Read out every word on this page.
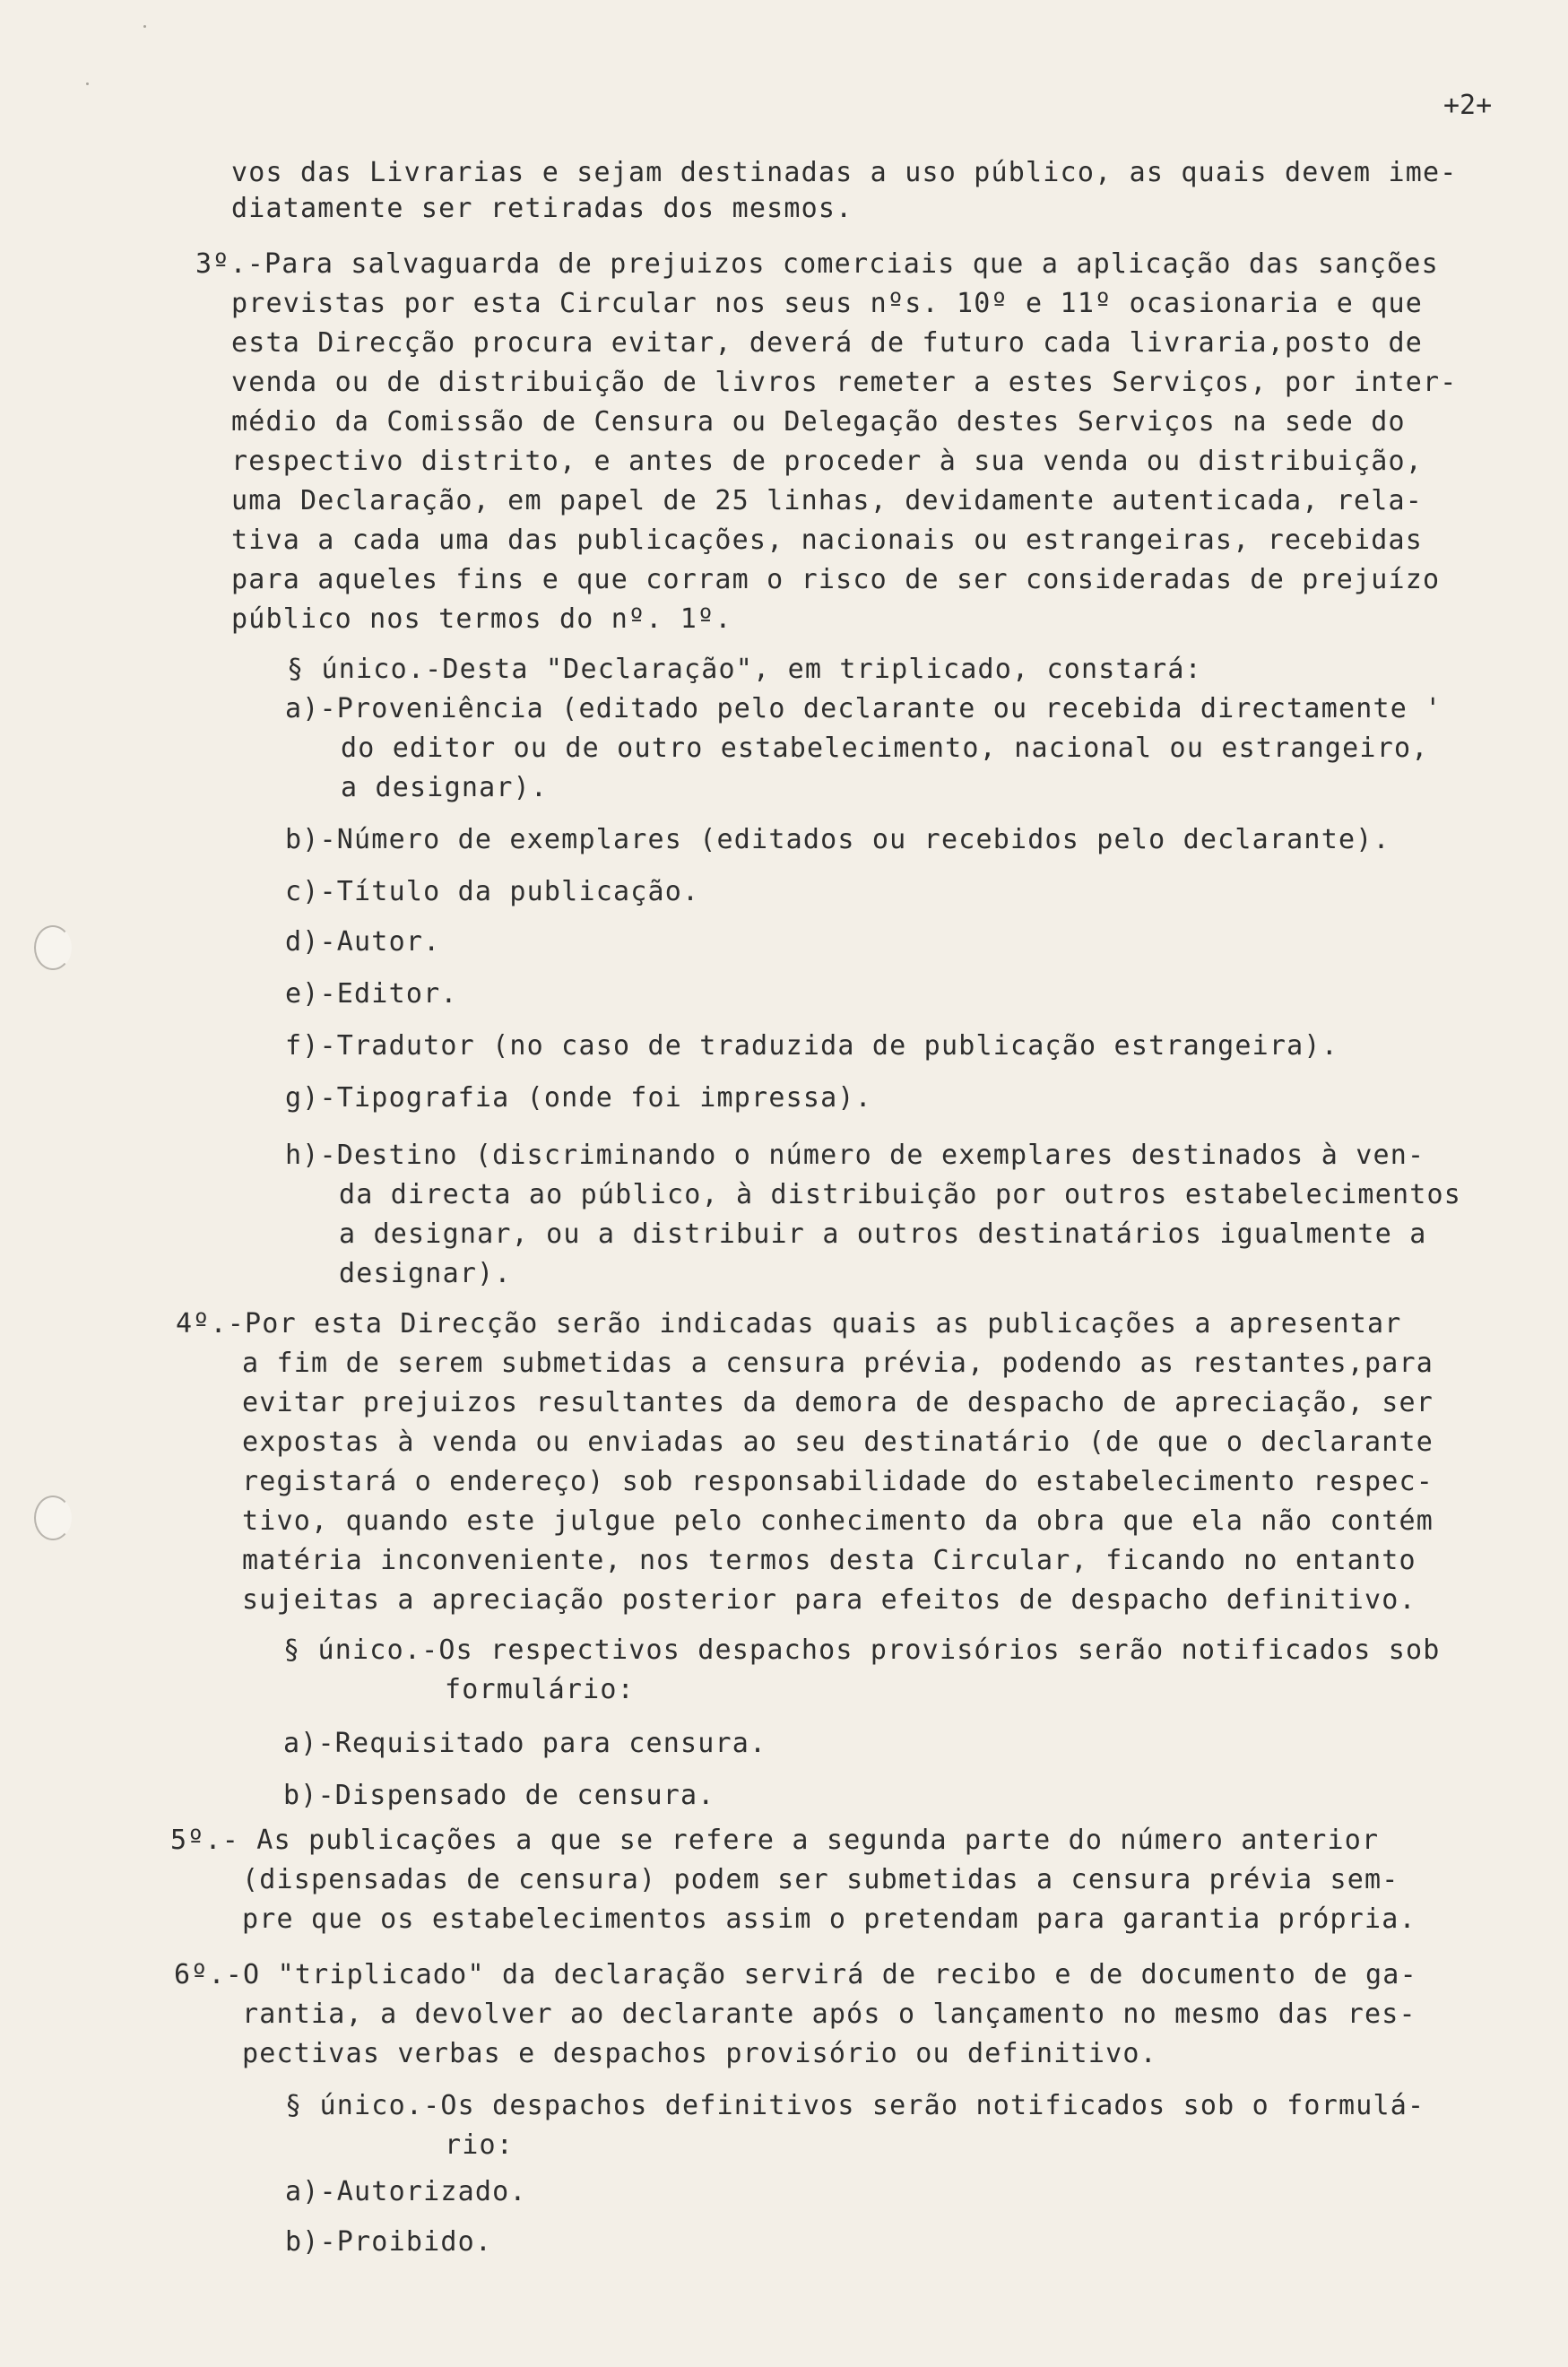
+2+
vos das Livrarias e sejam destinadas a uso público, as quais devem ime-
diatamente ser retiradas dos mesmos.
3º.-Para salvaguarda de prejuizos comerciais que a aplicação das sanções
previstas por esta Circular nos seus nºs. 10º e 11º ocasionaria e que
esta Direcção procura evitar, deverá de futuro cada livraria,posto de
venda ou de distribuição de livros remeter a estes Serviços, por inter-
médio da Comissão de Censura ou Delegação destes Serviços na sede do
respectivo distrito, e antes de proceder à sua venda ou distribuição,
uma Declaração, em papel de 25 linhas, devidamente autenticada, rela-
tiva a cada uma das publicações, nacionais ou estrangeiras, recebidas
para aqueles fins e que corram o risco de ser consideradas de prejuízo
público nos termos do nº. 1º.
§ único.-Desta "Declaração", em triplicado, constará:
a)-Proveniência (editado pelo declarante ou recebida directamente '
do editor ou de outro estabelecimento, nacional ou estrangeiro,
a designar).
b)-Número de exemplares (editados ou recebidos pelo declarante).
c)-Título da publicação.
d)-Autor.
e)-Editor.
f)-Tradutor (no caso de traduzida de publicação estrangeira).
g)-Tipografia (onde foi impressa).
h)-Destino (discriminando o número de exemplares destinados à ven-
da directa ao público, à distribuição por outros estabelecimentos
a designar, ou a distribuir a outros destinatários igualmente a
designar).
4º.-Por esta Direcção serão indicadas quais as publicações a apresentar
a fim de serem submetidas a censura prévia, podendo as restantes,para
evitar prejuizos resultantes da demora de despacho de apreciação, ser
expostas à venda ou enviadas ao seu destinatário (de que o declarante
registará o endereço) sob responsabilidade do estabelecimento respec-
tivo, quando este julgue pelo conhecimento da obra que ela não contém
matéria inconveniente, nos termos desta Circular, ficando no entanto
sujeitas a apreciação posterior para efeitos de despacho definitivo.
§ único.-Os respectivos despachos provisórios serão notificados sob
formulário:
a)-Requisitado para censura.
b)-Dispensado de censura.
5º.- As publicações a que se refere a segunda parte do número anterior
(dispensadas de censura) podem ser submetidas a censura prévia sem-
pre que os estabelecimentos assim o pretendam para garantia própria.
6º.-O "triplicado" da declaração servirá de recibo e de documento de ga-
rantia, a devolver ao declarante após o lançamento no mesmo das res-
pectivas verbas e despachos provisório ou definitivo.
§ único.-Os despachos definitivos serão notificados sob o formulá-
rio:
a)-Autorizado.
b)-Proibido.
